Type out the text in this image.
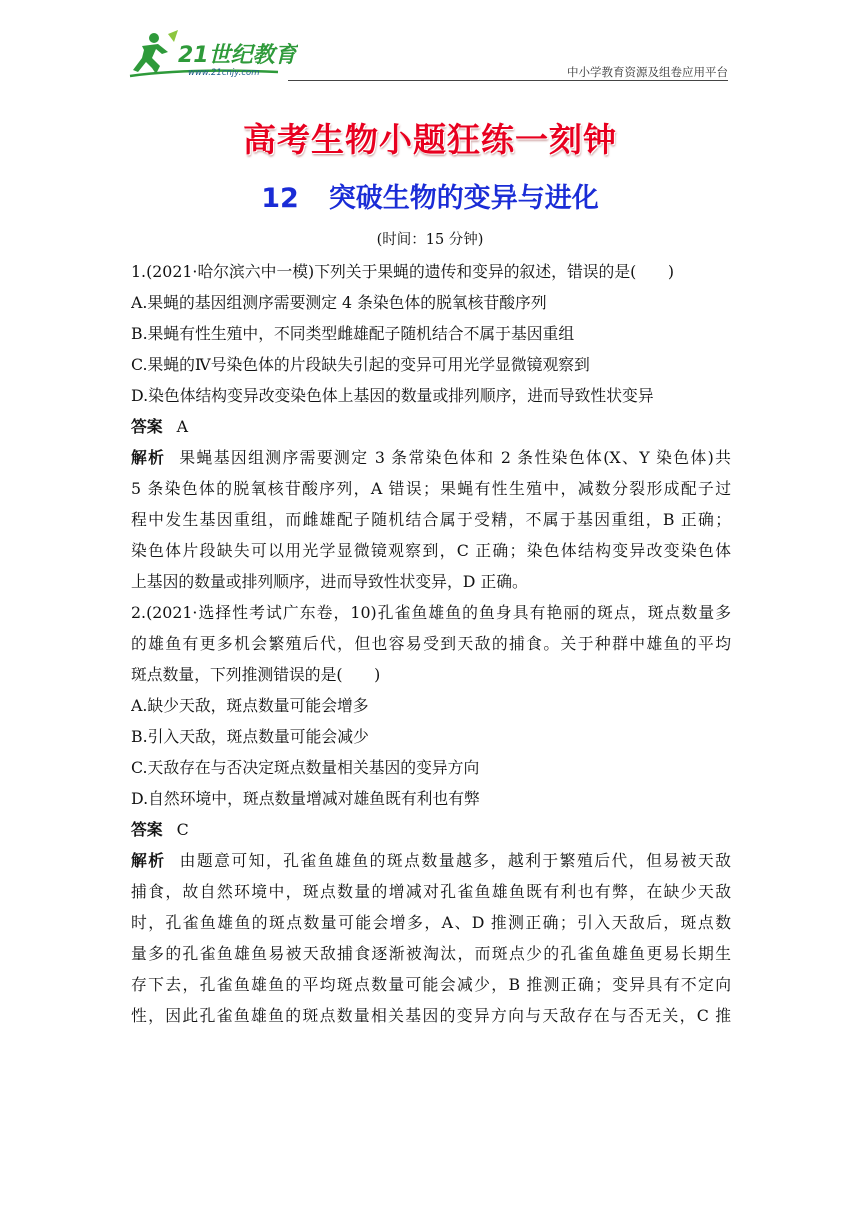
21世纪教育
www.21cnjy.com	中小学教育资源及组卷应用平台
高考生物小题狂练一刻钟
12 突破生物的变异与进化
(时间：15 分钟)
1.(2021·哈尔滨六中一模)下列关于果蝇的遗传和变异的叙述，错误的是(　　)
A.果蝇的基因组测序需要测定 4 条染色体的脱氧核苷酸序列
B.果蝇有性生殖中，不同类型雌雄配子随机结合不属于基因重组
C.果蝇的Ⅳ号染色体的片段缺失引起的变异可用光学显微镜观察到
D.染色体结构变异改变染色体上基因的数量或排列顺序，进而导致性状变异
答案 A
解析 果蝇基因组测序需要测定 3 条常染色体和 2 条性染色体(X、Y 染色体)共
5 条染色体的脱氧核苷酸序列，A 错误；果蝇有性生殖中，减数分裂形成配子过
程中发生基因重组，而雌雄配子随机结合属于受精，不属于基因重组，B 正确；
染色体片段缺失可以用光学显微镜观察到，C 正确；染色体结构变异改变染色体
上基因的数量或排列顺序，进而导致性状变异，D 正确。
2.(2021·选择性考试广东卷，10)孔雀鱼雄鱼的鱼身具有艳丽的斑点，斑点数量多
的雄鱼有更多机会繁殖后代，但也容易受到天敌的捕食。关于种群中雄鱼的平均
斑点数量，下列推测错误的是(　　)
A.缺少天敌，斑点数量可能会增多
B.引入天敌，斑点数量可能会减少
C.天敌存在与否决定斑点数量相关基因的变异方向
D.自然环境中，斑点数量增减对雄鱼既有利也有弊
答案 C
解析 由题意可知，孔雀鱼雄鱼的斑点数量越多，越利于繁殖后代，但易被天敌
捕食，故自然环境中，斑点数量的增减对孔雀鱼雄鱼既有利也有弊，在缺少天敌
时，孔雀鱼雄鱼的斑点数量可能会增多，A、D 推测正确；引入天敌后，斑点数
量多的孔雀鱼雄鱼易被天敌捕食逐渐被淘汰，而斑点少的孔雀鱼雄鱼更易长期生
存下去，孔雀鱼雄鱼的平均斑点数量可能会减少，B 推测正确；变异具有不定向
性，因此孔雀鱼雄鱼的斑点数量相关基因的变异方向与天敌存在与否无关，C 推
